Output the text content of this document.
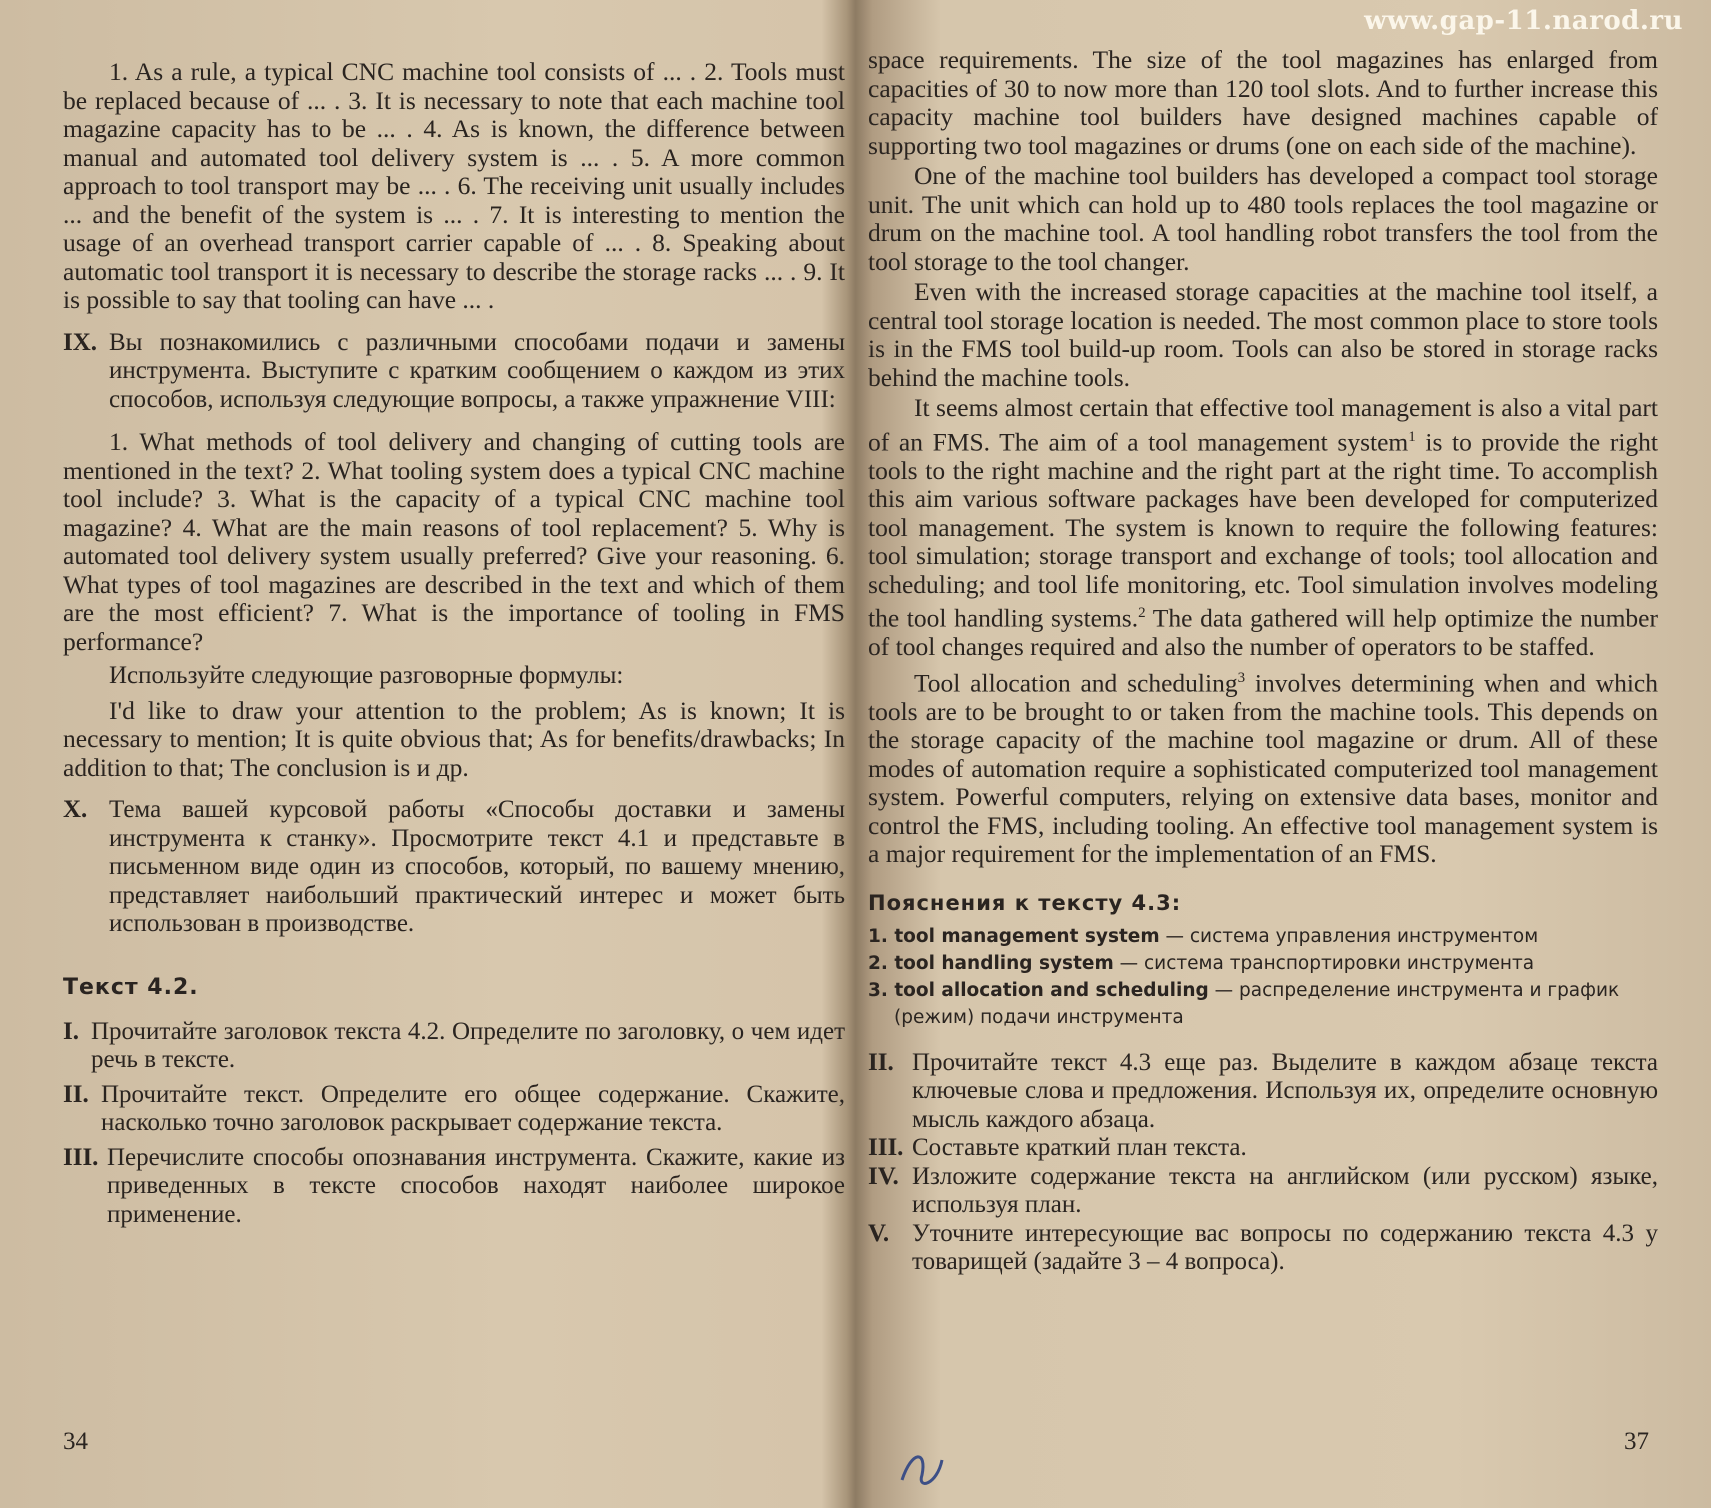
www.gap-11.narod.ru

1. As a rule, a typical CNC machine tool consists of ... . 2. Tools must be replaced because of ... . 3. It is necessary to note that each machine tool magazine capacity has to be ... . 4. As is known, the difference between manual and automated tool delivery system is ... . 5. A more common approach to tool transport may be ... . 6. The receiving unit usually includes ... and the benefit of the system is ... . 7. It is interesting to mention the usage of an overhead transport carrier capable of ... . 8. Speaking about automatic tool transport it is necessary to describe the storage racks ... . 9. It is possible to say that tooling can have ... .

IX. Вы познакомились с различными способами подачи и замены инструмента. Выступите с кратким сообщением о каждом из этих способов, используя следующие вопросы, а также упражнение VIII:

1. What methods of tool delivery and changing of cutting tools are mentioned in the text? 2. What tooling system does a typical CNC machine tool include? 3. What is the capacity of a typical CNC machine tool magazine? 4. What are the main reasons of tool replacement? 5. Why is automated tool delivery system usually preferred? Give your reasoning. 6. What types of tool magazines are described in the text and which of them are the most efficient? 7. What is the importance of tooling in FMS performance?

Используйте следующие разговорные формулы:

I'd like to draw your attention to the problem; As is known; It is necessary to mention; It is quite obvious that; As for benefits/drawbacks; In addition to that; The conclusion is и др.

X. Тема вашей курсовой работы «Способы доставки и замены инструмента к станку». Просмотрите текст 4.1 и представьте в письменном виде один из способов, который, по вашему мнению, представляет наибольший практический интерес и может быть использован в производстве.

Текст 4.2.
I. Прочитайте заголовок текста 4.2. Определите по заголовку, о чем идет речь в тексте.

II. Прочитайте текст. Определите его общее содержание. Скажите, насколько точно заголовок раскрывает содержание текста.

III. Перечислите способы опознавания инструмента. Скажите, какие из приведенных в тексте способов находят наиболее широкое применение.

34

space requirements. The size of the tool magazines has enlarged from capacities of 30 to now more than 120 tool slots. And to further increase this capacity machine tool builders have designed machines capable of supporting two tool magazines or drums (one on each side of the machine).

One of the machine tool builders has developed a compact tool storage unit. The unit which can hold up to 480 tools replaces the tool magazine or drum on the machine tool. A tool handling robot transfers the tool from the tool storage to the tool changer.

Even with the increased storage capacities at the machine tool itself, a central tool storage location is needed. The most common place to store tools is in the FMS tool build-up room. Tools can also be stored in storage racks behind the machine tools.

It seems almost certain that effective tool management is also a vital part of an FMS. The aim of a tool management system$^1$ is to provide the right tools to the right machine and the right part at the right time. To accomplish this aim various software packages have been developed for computerized tool management. The system is known to require the following features: tool simulation; storage transport and exchange of tools; tool allocation and scheduling; and tool life monitoring, etc. Tool simulation involves modeling the tool handling systems.$^2$ The data gathered will help optimize the number of tool changes required and also the number of operators to be staffed.

Tool allocation and scheduling$^3$ involves determining when and which tools are to be brought to or taken from the machine tools. This depends on the storage capacity of the machine tool magazine or drum. All of these modes of automation require a sophisticated computerized tool management system. Powerful computers, relying on extensive data bases, monitor and control the FMS, including tooling. An effective tool management system is a major requirement for the implementation of an FMS.

Пояснения к тексту 4.3:
1. tool management system — система управления инструментом
2. tool handling system — система транспортировки инструмента
3. tool allocation and scheduling — распределение инструмента и график (режим) подачи инструмента
II. Прочитайте текст 4.3 еще раз. Выделите в каждом абзаце текста ключевые слова и предложения. Используя их, определите основную мысль каждого абзаца.

III. Составьте краткий план текста.

IV. Изложите содержание текста на английском (или русском) языке, используя план.

V. Уточните интересующие вас вопросы по содержанию текста 4.3 у товарищей (задайте 3 – 4 вопроса).

37
